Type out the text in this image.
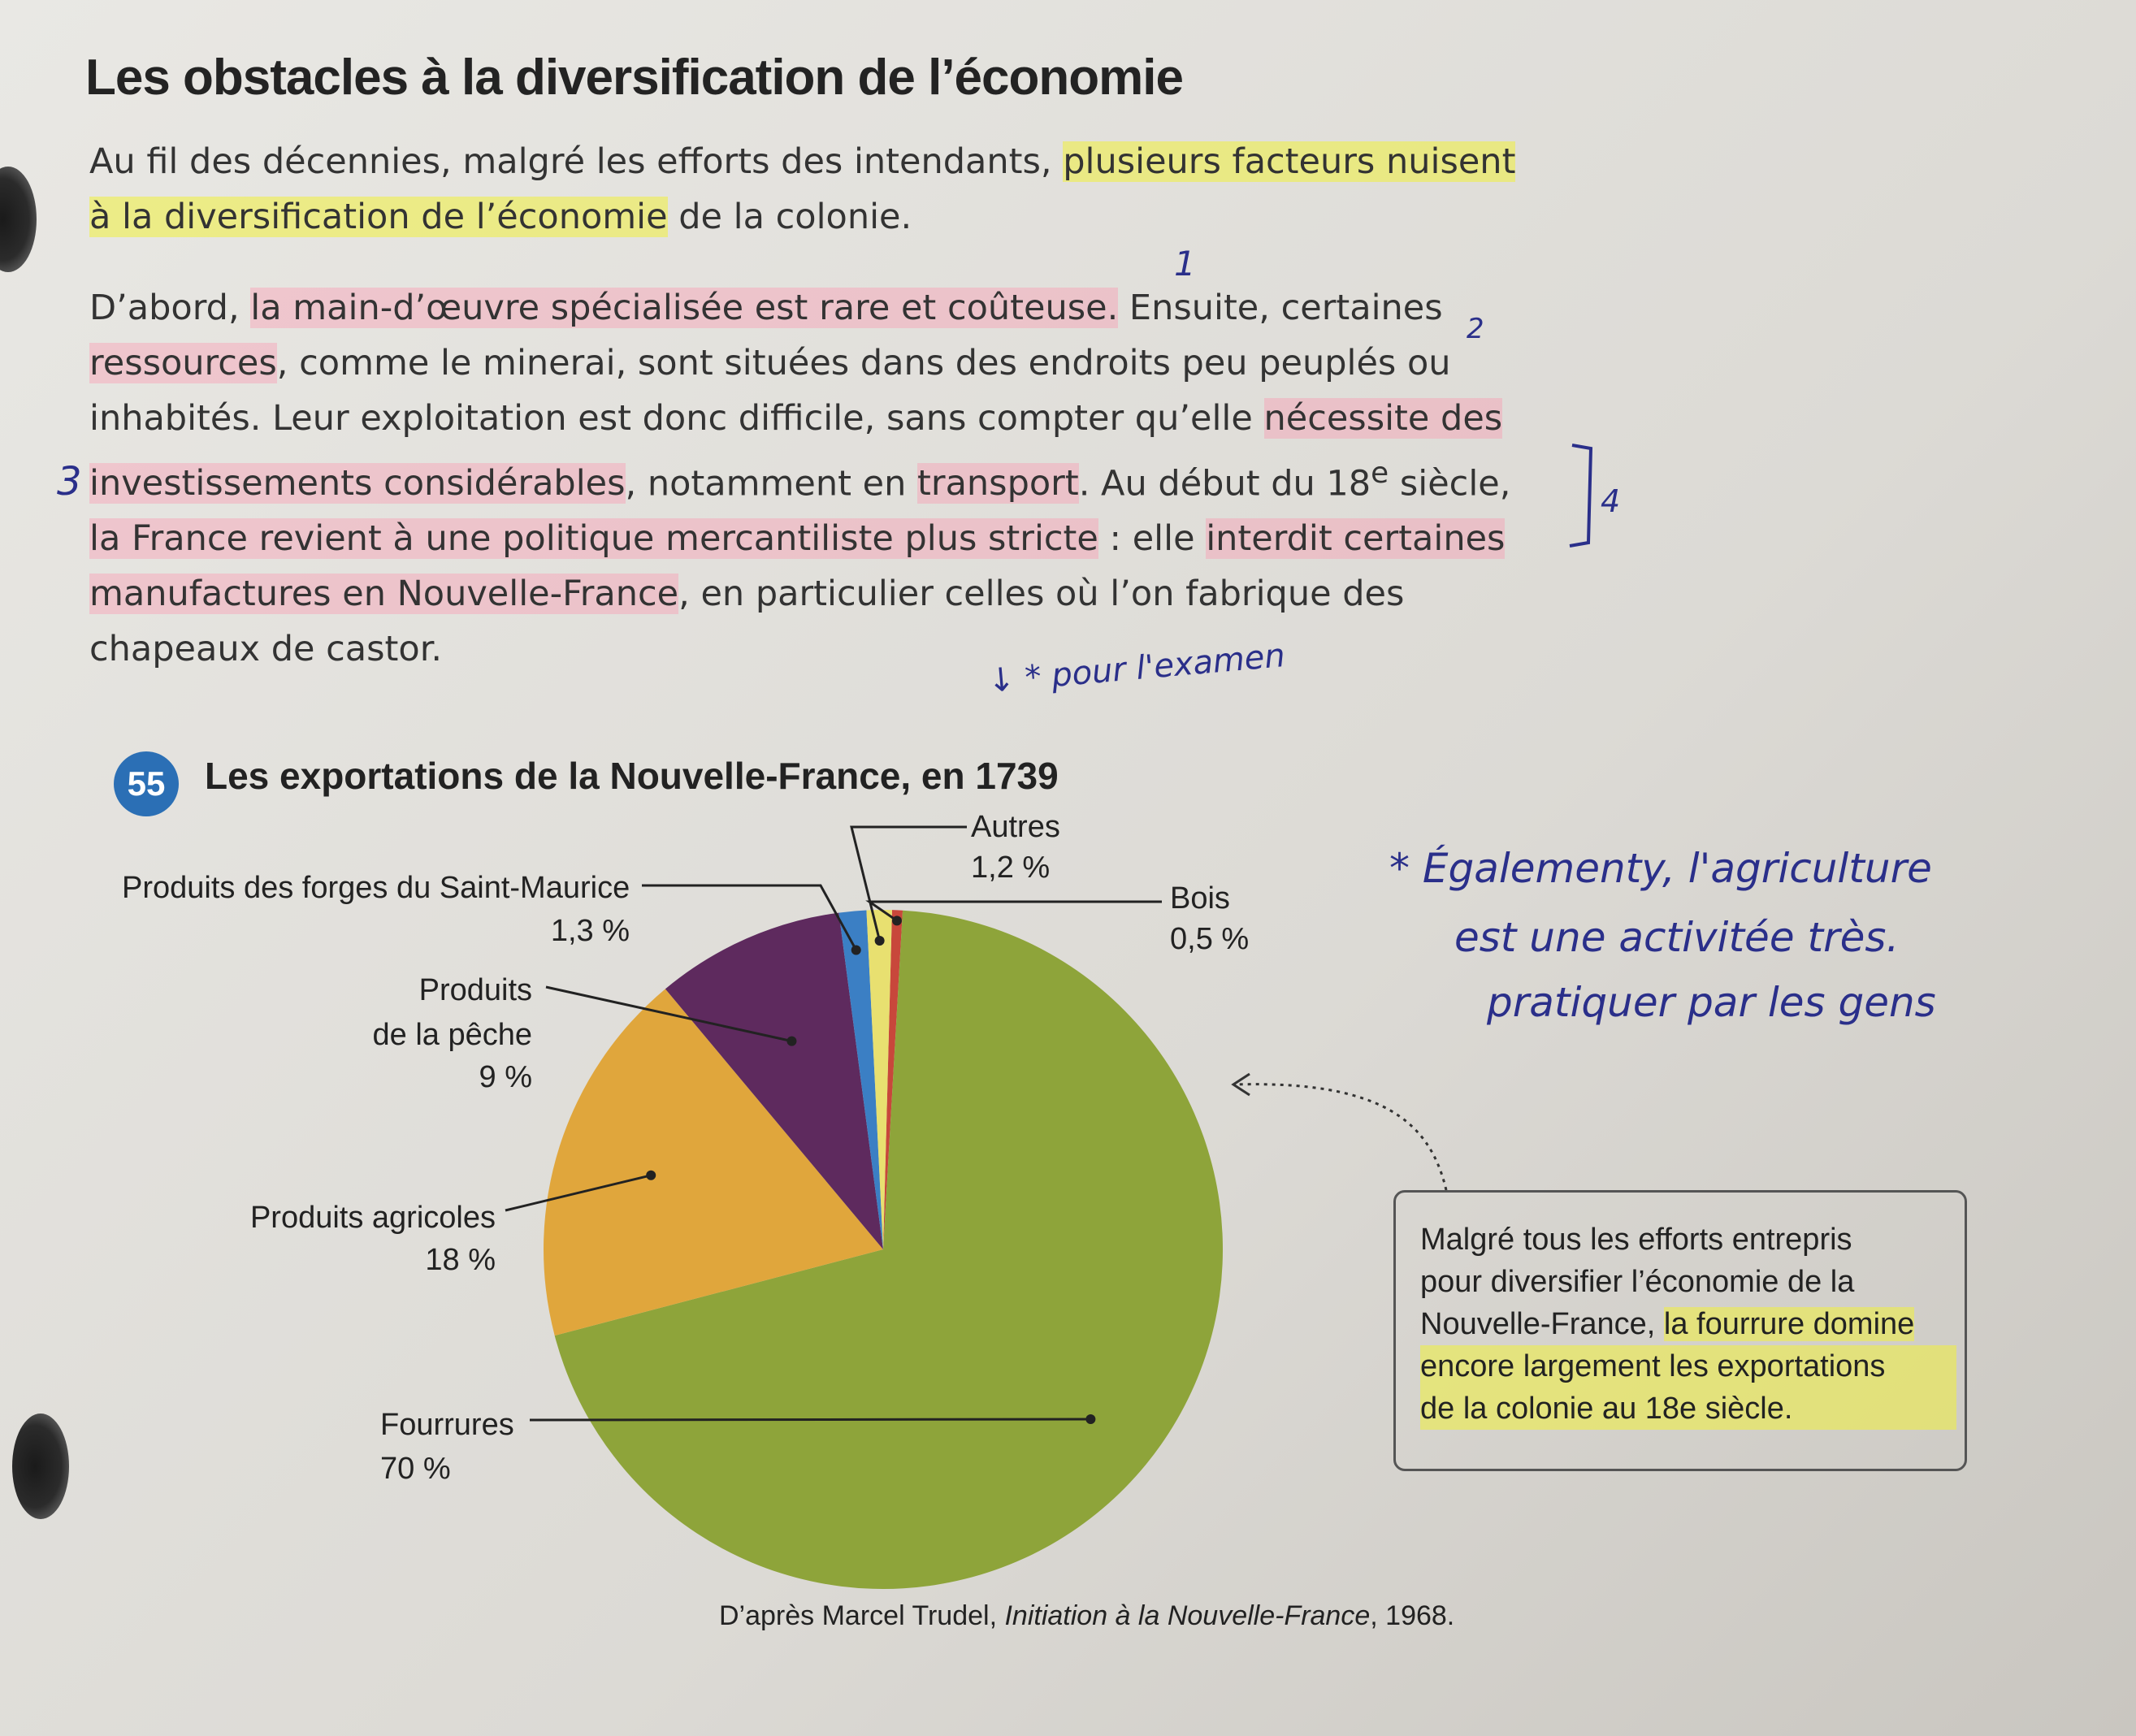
Les obstacles à la diversification de l’économie
Au fil des décennies, malgré les efforts des intendants, plusieurs facteurs nuisent
à la diversification de l’économie de la colonie.
D’abord, la main-d’œuvre spécialisée est rare et coûteuse. Ensuite, certaines
ressources, comme le minerai, sont situées dans des endroits peu peuplés ou
inhabités. Leur exploitation est donc difficile, sans compter qu’elle nécessite des
investissements considérables, notamment en transport. Au début du 18e siècle,
la France revient à une politique mercantiliste plus stricte : elle interdit certaines
manufactures en Nouvelle-France, en particulier celles où l’on fabrique des
chapeaux de castor.
1
2
3	4
↓ * pour l'examen
* Égalementy, l'agriculture
est une activitée très.
pratiquer par les gens
55	Les exportations de la Nouvelle-France, en 1739
Autres
1,2 %
Bois
0,5 %
Produits des forges du Saint-Maurice
1,3 %
Produits
de la pêche
9 %
Produits agricoles
18 %
Fourrures
70 %
Malgré tous les efforts entrepris
pour diversifier l’économie de la
Nouvelle-France, la fourrure domine
encore largement les exportations
de la colonie au 18e siècle.
D’après Marcel Trudel, Initiation à la Nouvelle-France, 1968.
